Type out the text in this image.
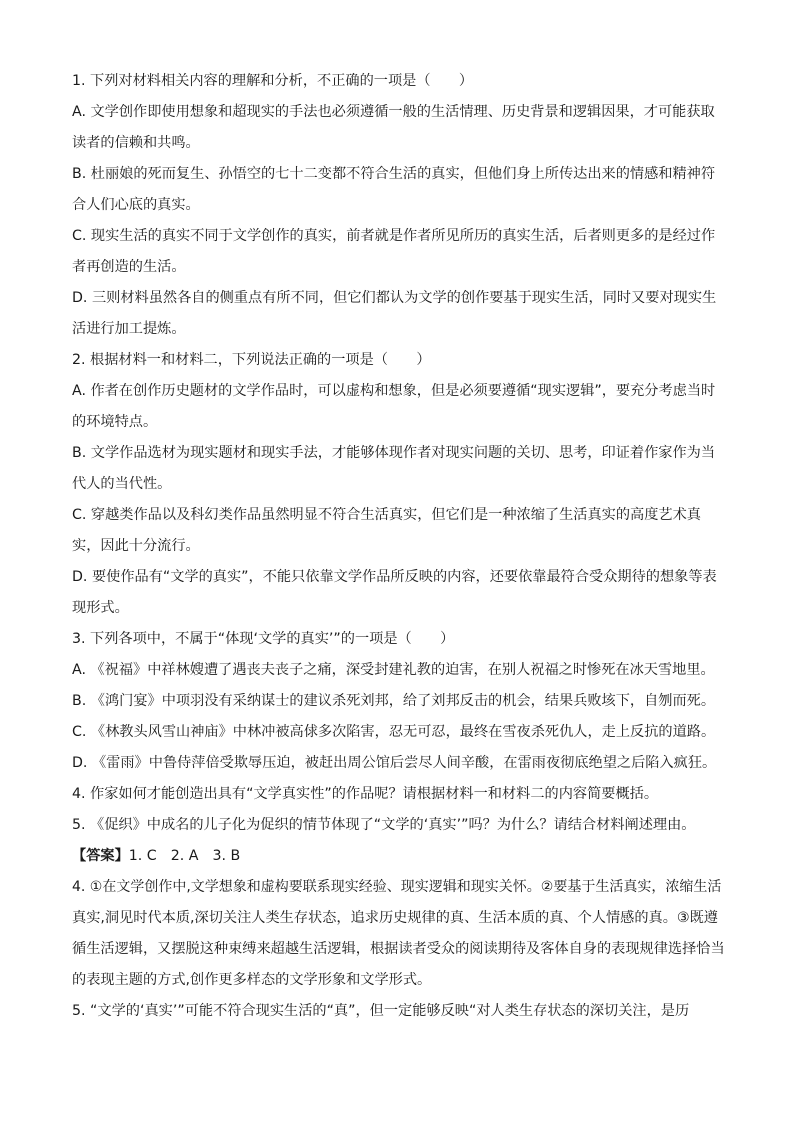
1. 下列对材料相关内容的理解和分析，不正确的一项是（　　）

A. 文学创作即使用想象和超现实的手法也必须遵循一般的生活情理、历史背景和逻辑因果，才可能获取

读者的信赖和共鸣。

B. 杜丽娘的死而复生、孙悟空的七十二变都不符合生活的真实，但他们身上所传达出来的情感和精神符

合人们心底的真实。

C. 现实生活的真实不同于文学创作的真实，前者就是作者所见所历的真实生活，后者则更多的是经过作

者再创造的生活。

D. 三则材料虽然各自的侧重点有所不同，但它们都认为文学的创作要基于现实生活，同时又要对现实生

活进行加工提炼。

2. 根据材料一和材料二，下列说法正确的一项是（　　）

A. 作者在创作历史题材的文学作品时，可以虚构和想象，但是必须要遵循“现实逻辑”，要充分考虑当时

的环境特点。

B. 文学作品选材为现实题材和现实手法，才能够体现作者对现实问题的关切、思考，印证着作家作为当

代人的当代性。

C. 穿越类作品以及科幻类作品虽然明显不符合生活真实，但它们是一种浓缩了生活真实的高度艺术真

实，因此十分流行。

D. 要使作品有“文学的真实”，不能只依靠文学作品所反映的内容，还要依靠最符合受众期待的想象等表

现形式。

3. 下列各项中，不属于“体现‘文学的真实’”的一项是（　　）

A. 《祝福》中祥林嫂遭了遇丧夫丧子之痛，深受封建礼教的迫害，在别人祝福之时惨死在冰天雪地里。

B. 《鸿门宴》中项羽没有采纳谋士的建议杀死刘邦，给了刘邦反击的机会，结果兵败垓下，自刎而死。

C. 《林教头风雪山神庙》中林冲被高俅多次陷害，忍无可忍，最终在雪夜杀死仇人，走上反抗的道路。

D. 《雷雨》中鲁侍萍倍受欺辱压迫，被赶出周公馆后尝尽人间辛酸，在雷雨夜彻底绝望之后陷入疯狂。

4. 作家如何才能创造出具有“文学真实性”的作品呢？请根据材料一和材料二的内容简要概括。

5. 《促织》中成名的儿子化为促织的情节体现了“文学的‘真实’”吗？为什么？请结合材料阐述理由。

【答案】1. C 2. A 3. B

4. ①在文学创作中,文学想象和虚构要联系现实经验、现实逻辑和现实关怀。②要基于生活真实，浓缩生活

真实,洞见时代本质,深切关注人类生存状态，追求历史规律的真、生活本质的真、个人情感的真。③既遵

循生活逻辑，又摆脱这种束缚来超越生活逻辑，根据读者受众的阅读期待及客体自身的表现规律选择恰当

的表现主题的方式,创作更多样态的文学形象和文学形式。

5. “文学的‘真实’”可能不符合现实生活的“真”，但一定能够反映“对人类生存状态的深切关注，是历
